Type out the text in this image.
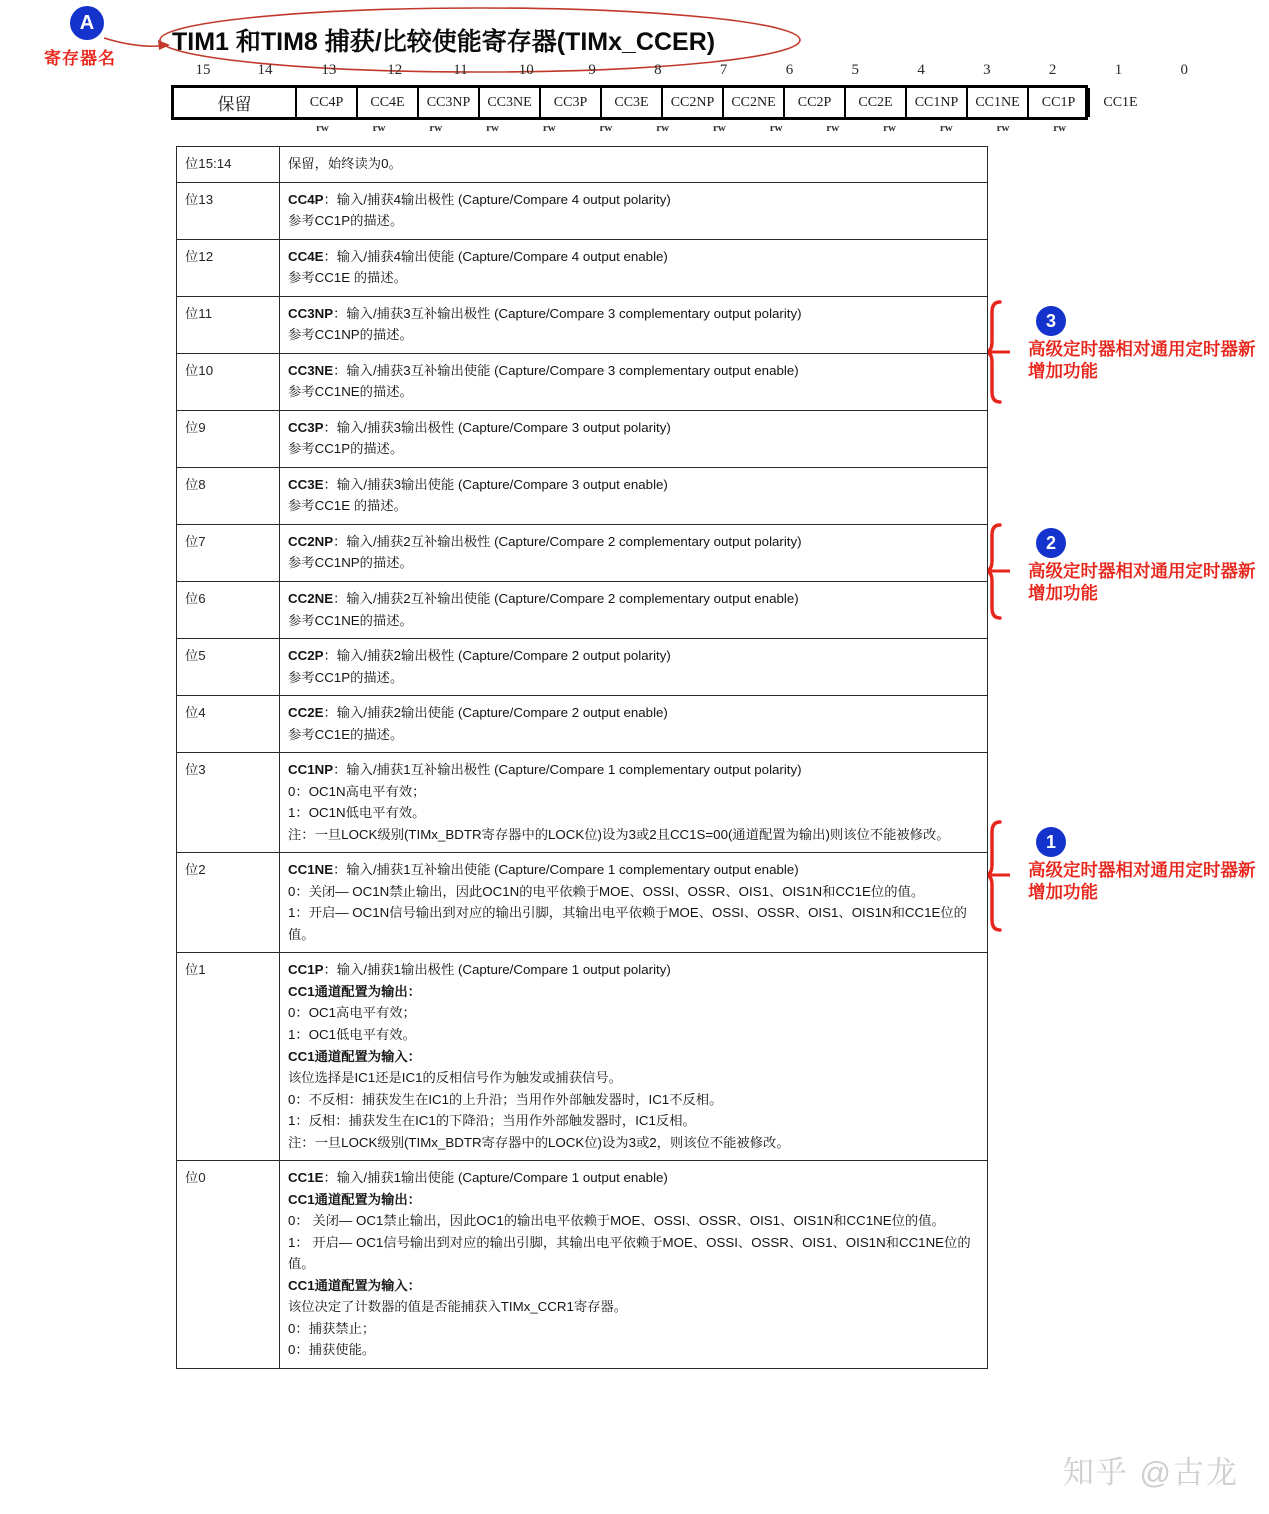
A
寄存器名
TIM1 和TIM8 捕获/比较使能寄存器(TIMx_CCER)
15	14	13	12	11	10	9	8	7	6	5	4	3	2	1	0
保留	CC4P	CC4E	CC3NP	CC3NE	CC3P	CC3E	CC2NP	CC2NE	CC2P	CC2E	CC1NP	CC1NE	CC1P	CC1E
rw	rw	rw	rw	rw	rw	rw	rw	rw	rw	rw	rw	rw	rw
位15:14	保留，始终读为0。

位13	CC4P：输入/捕获4输出极性 (Capture/Compare 4 output polarity)
参考CC1P的描述。

位12	CC4E：输入/捕获4输出使能 (Capture/Compare 4 output enable)
参考CC1E 的描述。

位11	CC3NP：输入/捕获3互补输出极性 (Capture/Compare 3 complementary output polarity)
参考CC1NP的描述。

位10	CC3NE：输入/捕获3互补输出使能 (Capture/Compare 3 complementary output enable)
参考CC1NE的描述。

位9	CC3P：输入/捕获3输出极性 (Capture/Compare 3 output polarity)
参考CC1P的描述。

位8	CC3E：输入/捕获3输出使能 (Capture/Compare 3 output enable)
参考CC1E 的描述。

位7	CC2NP：输入/捕获2互补输出极性 (Capture/Compare 2 complementary output polarity)
参考CC1NP的描述。

位6	CC2NE：输入/捕获2互补输出使能 (Capture/Compare 2 complementary output enable)
参考CC1NE的描述。

位5	CC2P：输入/捕获2输出极性 (Capture/Compare 2 output polarity)
参考CC1P的描述。

位4	CC2E：输入/捕获2输出使能 (Capture/Compare 2 output enable)
参考CC1E的描述。

位3	CC1NP：输入/捕获1互补输出极性 (Capture/Compare 1 complementary output polarity)
0：OC1N高电平有效；
1：OC1N低电平有效。
注：一旦LOCK级别(TIMx_BDTR寄存器中的LOCK位)设为3或2且CC1S=00(通道配置为输出)则该位不能被修改。

位2	CC1NE：输入/捕获1互补输出使能 (Capture/Compare 1 complementary output enable)
0：关闭— OC1N禁止输出，因此OC1N的电平依赖于MOE、OSSI、OSSR、OIS1、OIS1N和CC1E位的值。
1：开启— OC1N信号输出到对应的输出引脚，其输出电平依赖于MOE、OSSI、OSSR、OIS1、OIS1N和CC1E位的值。

位1	CC1P：输入/捕获1输出极性 (Capture/Compare 1 output polarity)
CC1通道配置为输出：
0：OC1高电平有效；
1：OC1低电平有效。
CC1通道配置为输入：
该位选择是IC1还是IC1的反相信号作为触发或捕获信号。
0：不反相：捕获发生在IC1的上升沿；当用作外部触发器时，IC1不反相。
1：反相：捕获发生在IC1的下降沿；当用作外部触发器时，IC1反相。
注：一旦LOCK级别(TIMx_BDTR寄存器中的LOCK位)设为3或2，则该位不能被修改。

位0	CC1E：输入/捕获1输出使能 (Capture/Compare 1 output enable)
CC1通道配置为输出：
0： 关闭— OC1禁止输出，因此OC1的输出电平依赖于MOE、OSSI、OSSR、OIS1、OIS1N和CC1NE位的值。
1： 开启— OC1信号输出到对应的输出引脚，其输出电平依赖于MOE、OSSI、OSSR、OIS1、OIS1N和CC1NE位的值。
CC1通道配置为输入：
该位决定了计数器的值是否能捕获入TIMx_CCR1寄存器。
0：捕获禁止；
0：捕获使能。
3
高级定时器相对通用定时器新增加功能
2
高级定时器相对通用定时器新增加功能
1
高级定时器相对通用定时器新增加功能
知乎 @古龙
